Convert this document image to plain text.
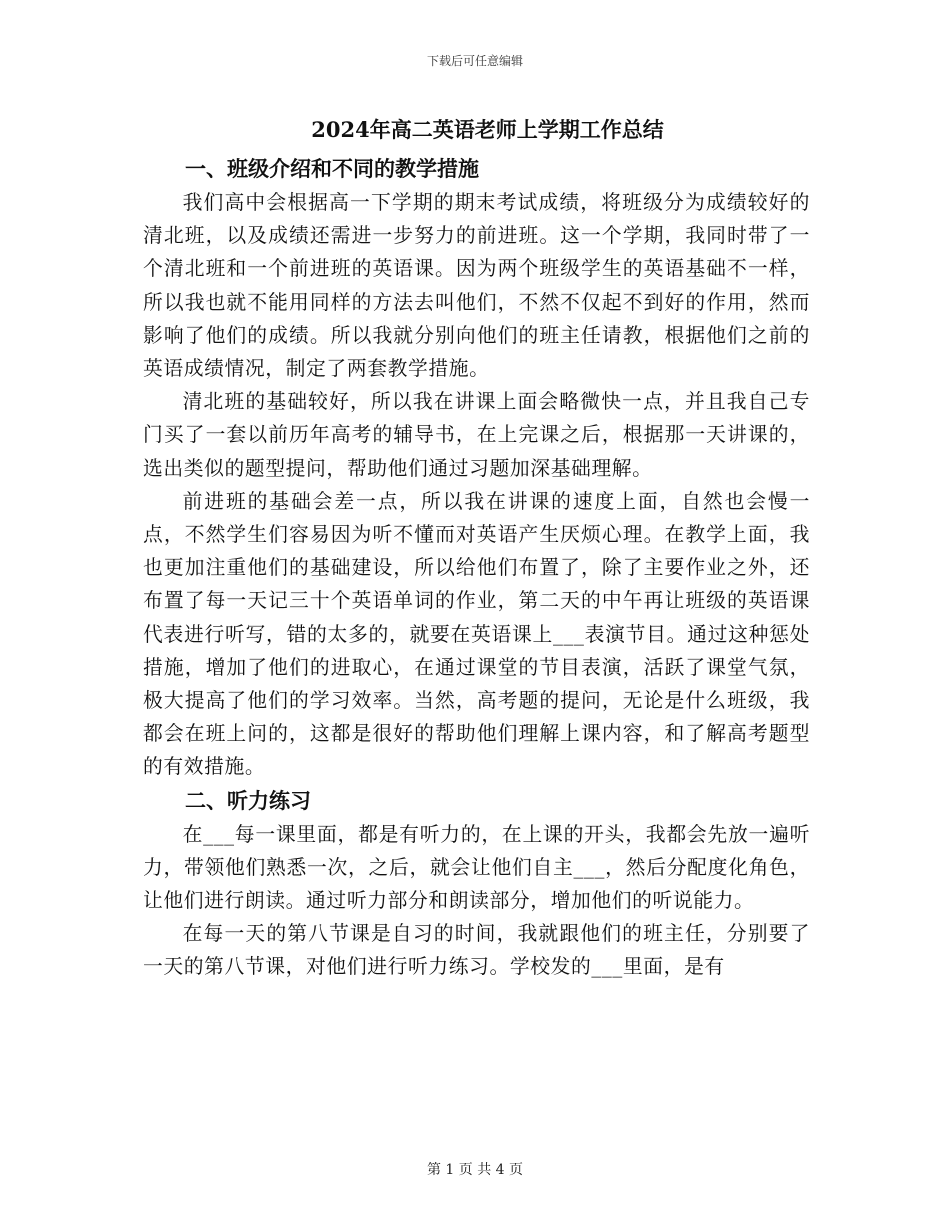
下载后可任意编辑
2024年高二英语老师上学期工作总结

一、班级介绍和不同的教学措施

我们高中会根据高一下学期的期末考试成绩，将班级分为成绩较好的清北班，以及成绩还需进一步努力的前进班。这一个学期，我同时带了一个清北班和一个前进班的英语课。因为两个班级学生的英语基础不一样，所以我也就不能用同样的方法去叫他们，不然不仅起不到好的作用，然而影响了他们的成绩。所以我就分别向他们的班主任请教，根据他们之前的英语成绩情况，制定了两套教学措施。

清北班的基础较好，所以我在讲课上面会略微快一点，并且我自己专门买了一套以前历年高考的辅导书，在上完课之后，根据那一天讲课的，选出类似的题型提问，帮助他们通过习题加深基础理解。

前进班的基础会差一点，所以我在讲课的速度上面，自然也会慢一点，不然学生们容易因为听不懂而对英语产生厌烦心理。在教学上面，我也更加注重他们的基础建设，所以给他们布置了，除了主要作业之外，还布置了每一天记三十个英语单词的作业，第二天的中午再让班级的英语课代表进行听写，错的太多的，就要在英语课上___表演节目。通过这种惩处措施，增加了他们的进取心，在通过课堂的节目表演，活跃了课堂气氛，极大提高了他们的学习效率。当然，高考题的提问，无论是什么班级，我都会在班上问的，这都是很好的帮助他们理解上课内容，和了解高考题型的有效措施。

二、听力练习

在___每一课里面，都是有听力的，在上课的开头，我都会先放一遍听力，带领他们熟悉一次，之后，就会让他们自主___，然后分配度化角色，让他们进行朗读。通过听力部分和朗读部分，增加他们的听说能力。

在每一天的第八节课是自习的时间，我就跟他们的班主任，分别要了一天的第八节课，对他们进行听力练习。学校发的___里面，是有

第 1 页 共 4 页
